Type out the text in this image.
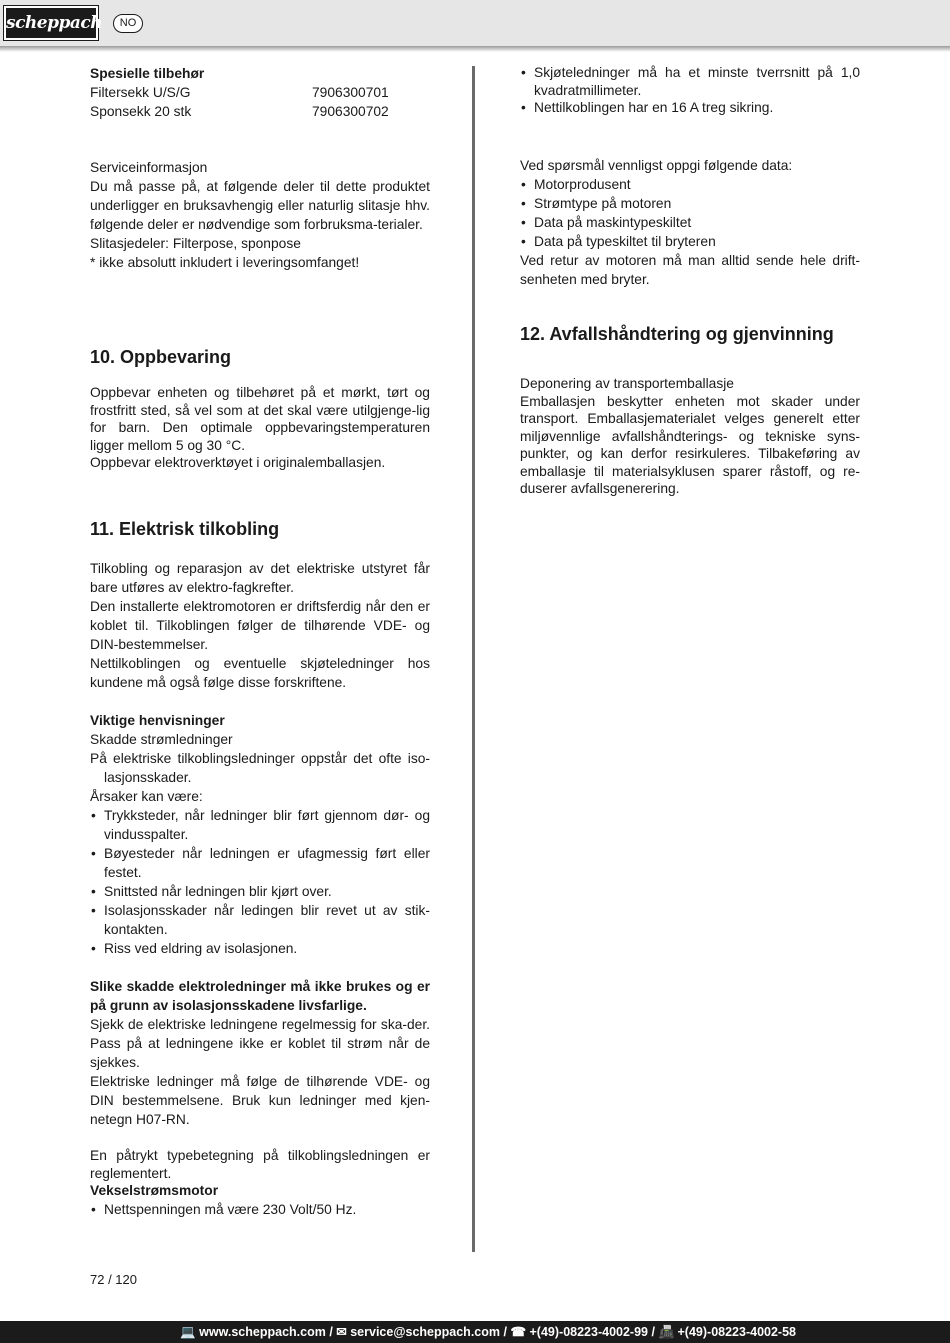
scheppach	NO

Spesielle tilbehør

Filtersekk U/S/G	7906300701
Sponsekk 20 stk	7906300702

Serviceinformasjon

Du må passe på, at følgende deler til dette produktet underligger en bruksavhengig eller naturlig slitasje hhv. følgende deler er nødvendige som forbruksma-terialer.

Slitasjedeler: Filterpose, sponpose

* ikke absolutt inkludert i leveringsomfanget!

10. Oppbevaring

Oppbevar enheten og tilbehøret på et mørkt, tørt og frostfritt sted, så vel som at det skal være utilgjenge-lig for barn. Den optimale oppbevaringstemperaturen ligger mellom 5 og 30 °C.

Oppbevar elektroverktøyet i originalemballasjen.

11. Elektrisk tilkobling

Tilkobling og reparasjon av det elektriske utstyret får bare utføres av elektro-fagkrefter.

Den installerte elektromotoren er driftsferdig når den er koblet til. Tilkoblingen følger de tilhørende VDE- og DIN-bestemmelser.

Nettilkoblingen og eventuelle skjøteledninger hos kundene må også følge disse forskriftene.

Viktige henvisninger

Skadde strømledninger

På elektriske tilkoblingsledninger oppstår det ofte iso-lasjonsskader.

Årsaker kan være:

• Trykksteder, når ledninger blir ført gjennom dør- og vindusspalter.
• Bøyesteder når ledningen er ufagmessig ført eller festet.
• Snittsted når ledningen blir kjørt over.
• Isolasjonsskader når ledingen blir revet ut av stik-kontakten.
• Riss ved eldring av isolasjonen.

Slike skadde elektroledninger må ikke brukes og er på grunn av isolasjonsskadene livsfarlige.

Sjekk de elektriske ledningene regelmessig for ska-der. Pass på at ledningene ikke er koblet til strøm når de sjekkes.

Elektriske ledninger må følge de tilhørende VDE- og DIN bestemmelsene. Bruk kun ledninger med kjen-netegn H07-RN.

En påtrykt typebetegning på tilkoblingsledningen er reglementert.

Vekselstrømsmotor

• Nettspenningen må være 230 Volt/50 Hz.
• Skjøteledninger må ha et minste tverrsnitt på 1,0 kvadratmillimeter.
• Nettilkoblingen har en 16 A treg sikring.

Ved spørsmål vennligst oppgi følgende data:

• Motorprodusent
• Strømtype på motoren
• Data på maskintypeskiltet
• Data på typeskiltet til bryteren

Ved retur av motoren må man alltid sende hele drift-senheten med bryter.

12. Avfallshåndtering og gjenvinning

Deponering av transportemballasje

Emballasjen beskytter enheten mot skader under transport. Emballasjematerialet velges generelt etter miljøvennlige avfallshåndterings- og tekniske syns-punkter, og kan derfor resirkuleres. Tilbakeføring av emballasje til materialsyklusen sparer råstoff, og re-duserer avfallsgenerering.

72 / 120
💻 www.scheppach.com / ✉ service@scheppach.com / ☎ +(49)-08223-4002-99 / 📠 +(49)-08223-4002-58
